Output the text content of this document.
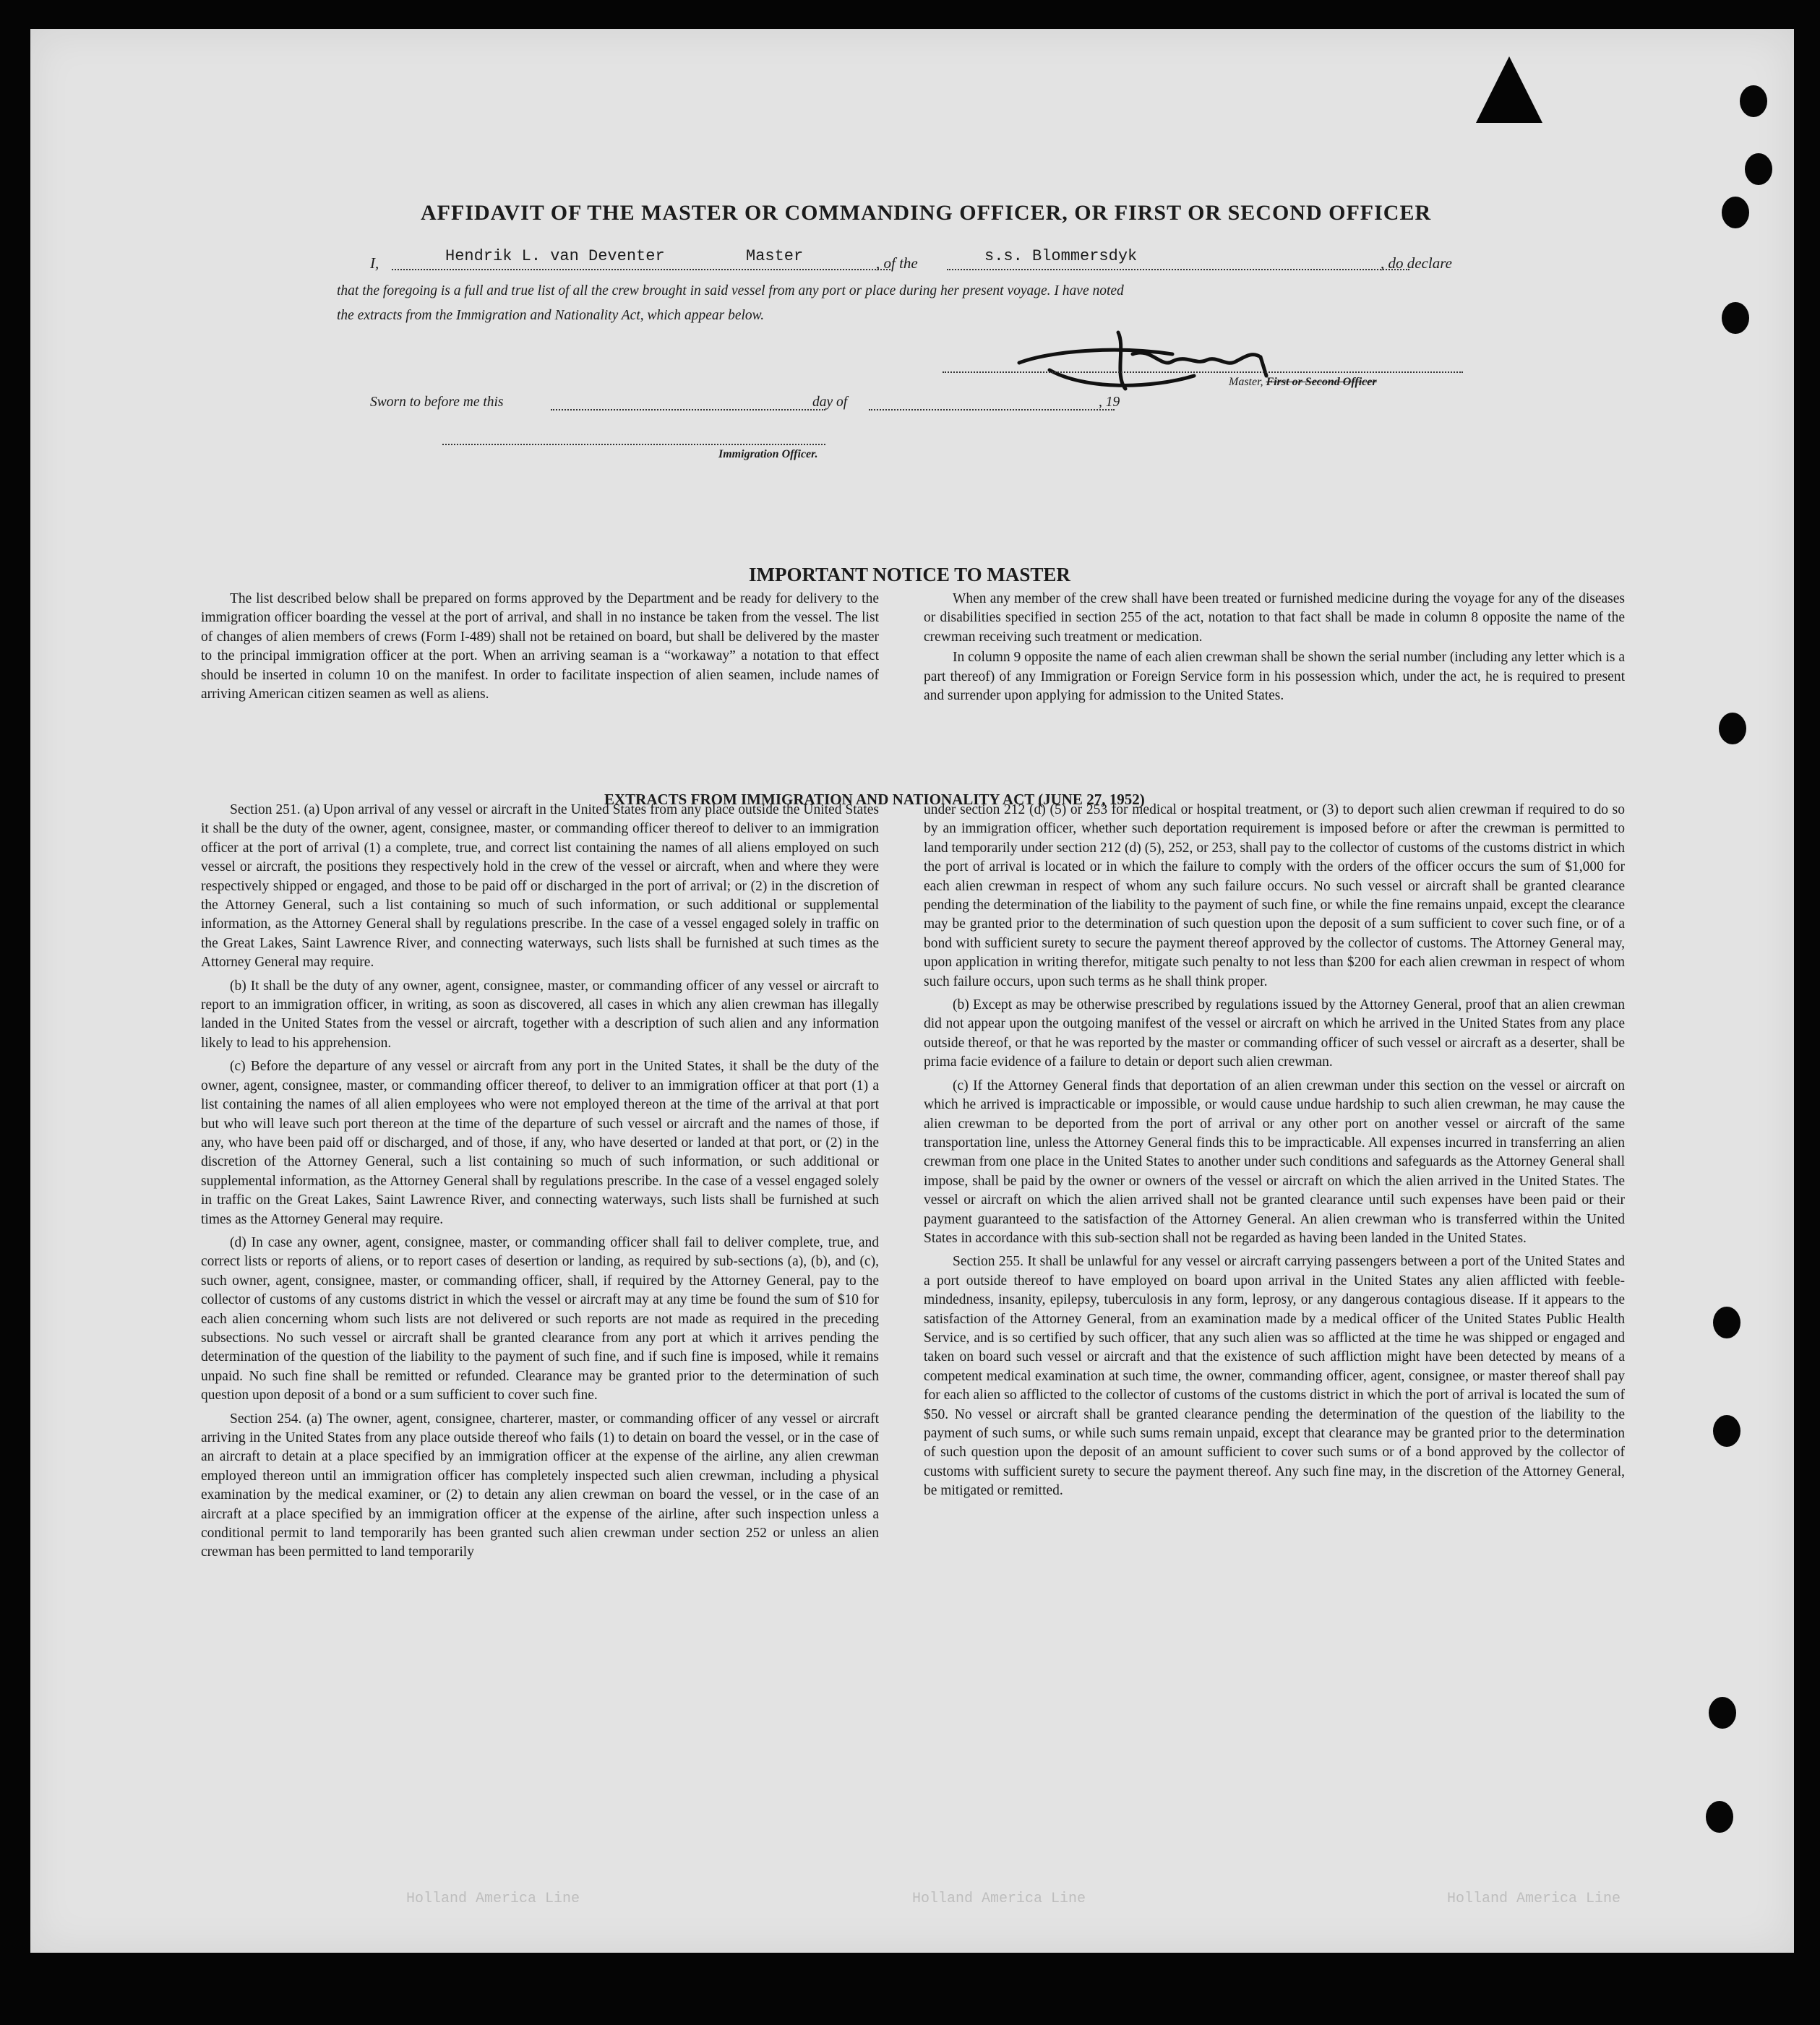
AFFIDAVIT OF THE MASTER OR COMMANDING OFFICER, OR FIRST OR SECOND OFFICER
I,	Hendrik L. van Deventer	Master	, of the	s.s. Blommersdyk	, do declare
that the foregoing is a full and true list of all the crew brought in said vessel from any port or place during her present voyage. I have noted
the extracts from the Immigration and Nationality Act, which appear below.
Master, First or Second Officer
Sworn to before me this	day of	, 19
Immigration Officer.
IMPORTANT NOTICE TO MASTER

The list described below shall be prepared on forms approved by the Department and be ready for delivery to the immigration officer boarding the vessel at the port of arrival, and shall in no instance be taken from the vessel. The list of changes of alien members of crews (Form I-489) shall not be retained on board, but shall be delivered by the master to the principal immigration officer at the port. When an arriving seaman is a “workaway” a notation to that effect should be inserted in column 10 on the manifest. In order to facilitate inspection of alien seamen, include names of arriving American citizen seamen as well as aliens.

When any member of the crew shall have been treated or furnished medicine during the voyage for any of the diseases or disabilities specified in section 255 of the act, notation to that fact shall be made in column 8 opposite the name of the crewman receiving such treatment or medication.

In column 9 opposite the name of each alien crewman shall be shown the serial number (including any letter which is a part thereof) of any Immigration or Foreign Service form in his possession which, under the act, he is required to present and surrender upon applying for admission to the United States.

EXTRACTS FROM IMMIGRATION AND NATIONALITY ACT (JUNE 27, 1952)

Section 251. (a) Upon arrival of any vessel or aircraft in the United States from any place outside the United States it shall be the duty of the owner, agent, consignee, master, or commanding officer thereof to deliver to an immigration officer at the port of arrival (1) a complete, true, and correct list containing the names of all aliens employed on such vessel or aircraft, the positions they respectively hold in the crew of the vessel or aircraft, when and where they were respectively shipped or engaged, and those to be paid off or discharged in the port of arrival; or (2) in the discretion of the Attorney General, such a list containing so much of such information, or such additional or supplemental information, as the Attorney General shall by regulations prescribe. In the case of a vessel engaged solely in traffic on the Great Lakes, Saint Lawrence River, and connecting waterways, such lists shall be furnished at such times as the Attorney General may require.

(b) It shall be the duty of any owner, agent, consignee, master, or commanding officer of any vessel or aircraft to report to an immigration officer, in writing, as soon as discovered, all cases in which any alien crewman has illegally landed in the United States from the vessel or aircraft, together with a description of such alien and any information likely to lead to his apprehension.

(c) Before the departure of any vessel or aircraft from any port in the United States, it shall be the duty of the owner, agent, consignee, master, or commanding officer thereof, to deliver to an immigration officer at that port (1) a list containing the names of all alien employees who were not employed thereon at the time of the arrival at that port but who will leave such port thereon at the time of the departure of such vessel or aircraft and the names of those, if any, who have been paid off or discharged, and of those, if any, who have deserted or landed at that port, or (2) in the discretion of the Attorney General, such a list containing so much of such information, or such additional or supplemental information, as the Attorney General shall by regulations prescribe. In the case of a vessel engaged solely in traffic on the Great Lakes, Saint Lawrence River, and connecting waterways, such lists shall be furnished at such times as the Attorney General may require.

(d) In case any owner, agent, consignee, master, or commanding officer shall fail to deliver complete, true, and correct lists or reports of aliens, or to report cases of desertion or landing, as required by sub-sections (a), (b), and (c), such owner, agent, consignee, master, or commanding officer, shall, if required by the Attorney General, pay to the collector of customs of any customs district in which the vessel or aircraft may at any time be found the sum of $10 for each alien concerning whom such lists are not delivered or such reports are not made as required in the preceding subsections. No such vessel or aircraft shall be granted clearance from any port at which it arrives pending the determination of the question of the liability to the payment of such fine, and if such fine is imposed, while it remains unpaid. No such fine shall be remitted or refunded. Clearance may be granted prior to the determination of such question upon deposit of a bond or a sum sufficient to cover such fine.

Section 254. (a) The owner, agent, consignee, charterer, master, or commanding officer of any vessel or aircraft arriving in the United States from any place outside thereof who fails (1) to detain on board the vessel, or in the case of an aircraft to detain at a place specified by an immigration officer at the expense of the airline, any alien crewman employed thereon until an immigration officer has completely inspected such alien crewman, including a physical examination by the medical examiner, or (2) to detain any alien crewman on board the vessel, or in the case of an aircraft at a place specified by an immigration officer at the expense of the airline, after such inspection unless a conditional permit to land temporarily has been granted such alien crewman under section 252 or unless an alien crewman has been permitted to land temporarily

under section 212 (d) (5) or 253 for medical or hospital treatment, or (3) to deport such alien crewman if required to do so by an immigration officer, whether such deportation requirement is imposed before or after the crewman is permitted to land temporarily under section 212 (d) (5), 252, or 253, shall pay to the collector of customs of the customs district in which the port of arrival is located or in which the failure to comply with the orders of the officer occurs the sum of $1,000 for each alien crewman in respect of whom any such failure occurs. No such vessel or aircraft shall be granted clearance pending the determination of the liability to the payment of such fine, or while the fine remains unpaid, except the clearance may be granted prior to the determination of such question upon the deposit of a sum sufficient to cover such fine, or of a bond with sufficient surety to secure the payment thereof approved by the collector of customs. The Attorney General may, upon application in writing therefor, mitigate such penalty to not less than $200 for each alien crewman in respect of whom such failure occurs, upon such terms as he shall think proper.

(b) Except as may be otherwise prescribed by regulations issued by the Attorney General, proof that an alien crewman did not appear upon the outgoing manifest of the vessel or aircraft on which he arrived in the United States from any place outside thereof, or that he was reported by the master or commanding officer of such vessel or aircraft as a deserter, shall be prima facie evidence of a failure to detain or deport such alien crewman.

(c) If the Attorney General finds that deportation of an alien crewman under this section on the vessel or aircraft on which he arrived is impracticable or impossible, or would cause undue hardship to such alien crewman, he may cause the alien crewman to be deported from the port of arrival or any other port on another vessel or aircraft of the same transportation line, unless the Attorney General finds this to be impracticable. All expenses incurred in transferring an alien crewman from one place in the United States to another under such conditions and safeguards as the Attorney General shall impose, shall be paid by the owner or owners of the vessel or aircraft on which the alien arrived in the United States. The vessel or aircraft on which the alien arrived shall not be granted clearance until such expenses have been paid or their payment guaranteed to the satisfaction of the Attorney General. An alien crewman who is transferred within the United States in accordance with this sub-section shall not be regarded as having been landed in the United States.

Section 255. It shall be unlawful for any vessel or aircraft carrying passengers between a port of the United States and a port outside thereof to have employed on board upon arrival in the United States any alien afflicted with feeble-mindedness, insanity, epilepsy, tuberculosis in any form, leprosy, or any dangerous contagious disease. If it appears to the satisfaction of the Attorney General, from an examination made by a medical officer of the United States Public Health Service, and is so certified by such officer, that any such alien was so afflicted at the time he was shipped or engaged and taken on board such vessel or aircraft and that the existence of such affliction might have been detected by means of a competent medical examination at such time, the owner, commanding officer, agent, consignee, or master thereof shall pay for each alien so afflicted to the collector of customs of the customs district in which the port of arrival is located the sum of $50. No vessel or aircraft shall be granted clearance pending the determination of the question of the liability to the payment of such sums, or while such sums remain unpaid, except that clearance may be granted prior to the determination of such question upon the deposit of an amount sufficient to cover such sums or of a bond approved by the collector of customs with sufficient surety to secure the payment thereof. Any such fine may, in the discretion of the Attorney General, be mitigated or remitted.

Holland America Line	Holland America Line	Holland America Line
